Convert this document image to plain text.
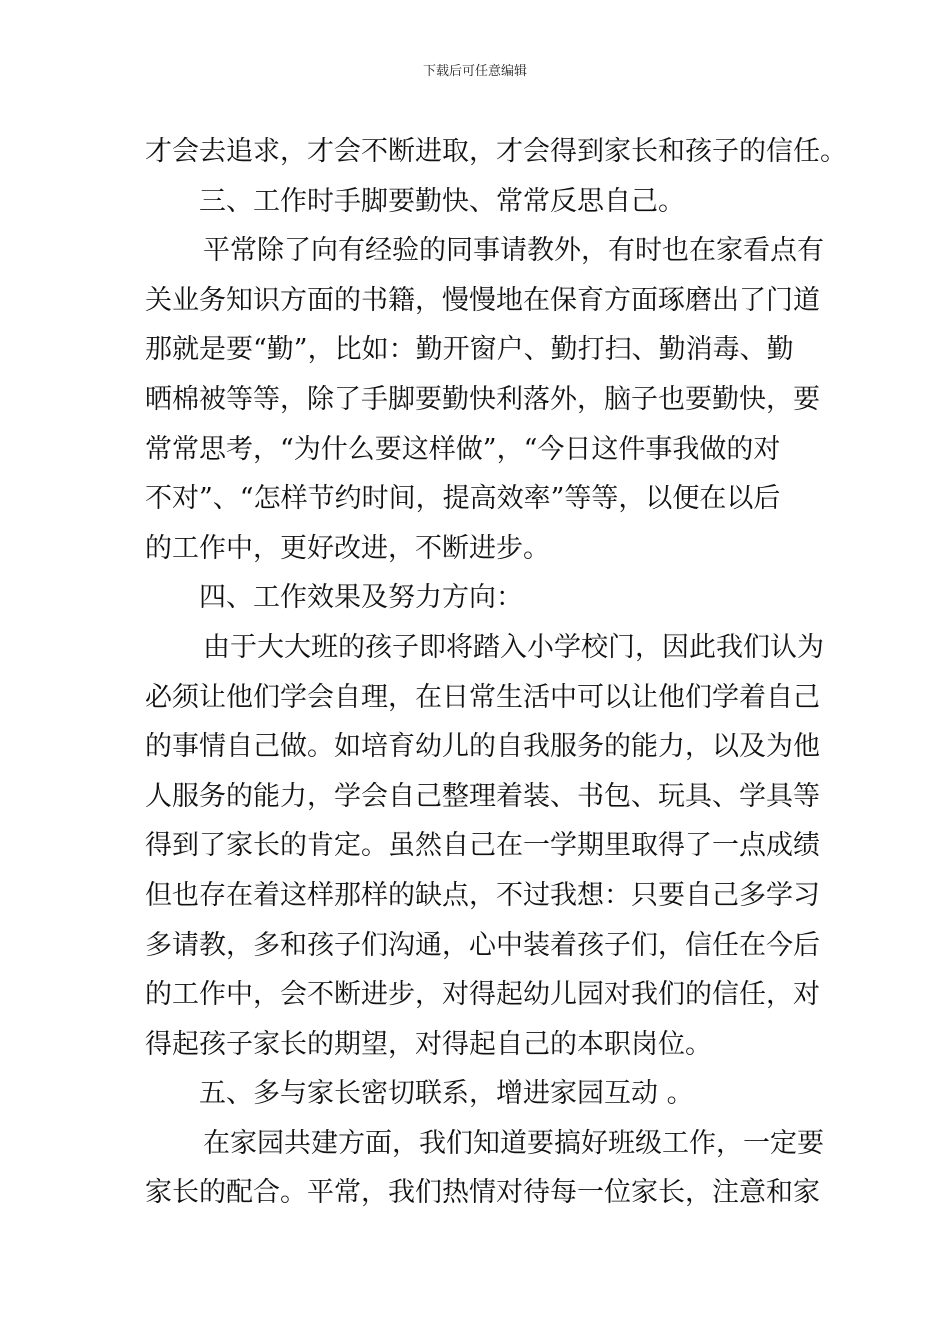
下载后可任意编辑
才会去追求，才会不断进取，才会得到家长和孩子的信任。
三、工作时手脚要勤快、常常反思自己。
平常除了向有经验的同事请教外，有时也在家看点有
关业务知识方面的书籍，慢慢地在保育方面琢磨出了门道
那就是要“勤”，比如：勤开窗户、勤打扫、勤消毒、勤
晒棉被等等，除了手脚要勤快利落外，脑子也要勤快，要
常常思考，“为什么要这样做”，“今日这件事我做的对
不对”、“怎样节约时间，提高效率”等等，以便在以后
的工作中，更好改进，不断进步。
四、工作效果及努力方向：
由于大大班的孩子即将踏入小学校门，因此我们认为
必须让他们学会自理，在日常生活中可以让他们学着自己
的事情自己做。如培育幼儿的自我服务的能力，以及为他
人服务的能力，学会自己整理着装、书包、玩具、学具等
得到了家长的肯定。虽然自己在一学期里取得了一点成绩
但也存在着这样那样的缺点，不过我想：只要自己多学习
多请教，多和孩子们沟通，心中装着孩子们，信任在今后
的工作中，会不断进步，对得起幼儿园对我们的信任，对
得起孩子家长的期望，对得起自己的本职岗位。
五、多与家长密切联系，增进家园互动 。
在家园共建方面，我们知道要搞好班级工作，一定要
家长的配合。平常，我们热情对待每一位家长，注意和家
